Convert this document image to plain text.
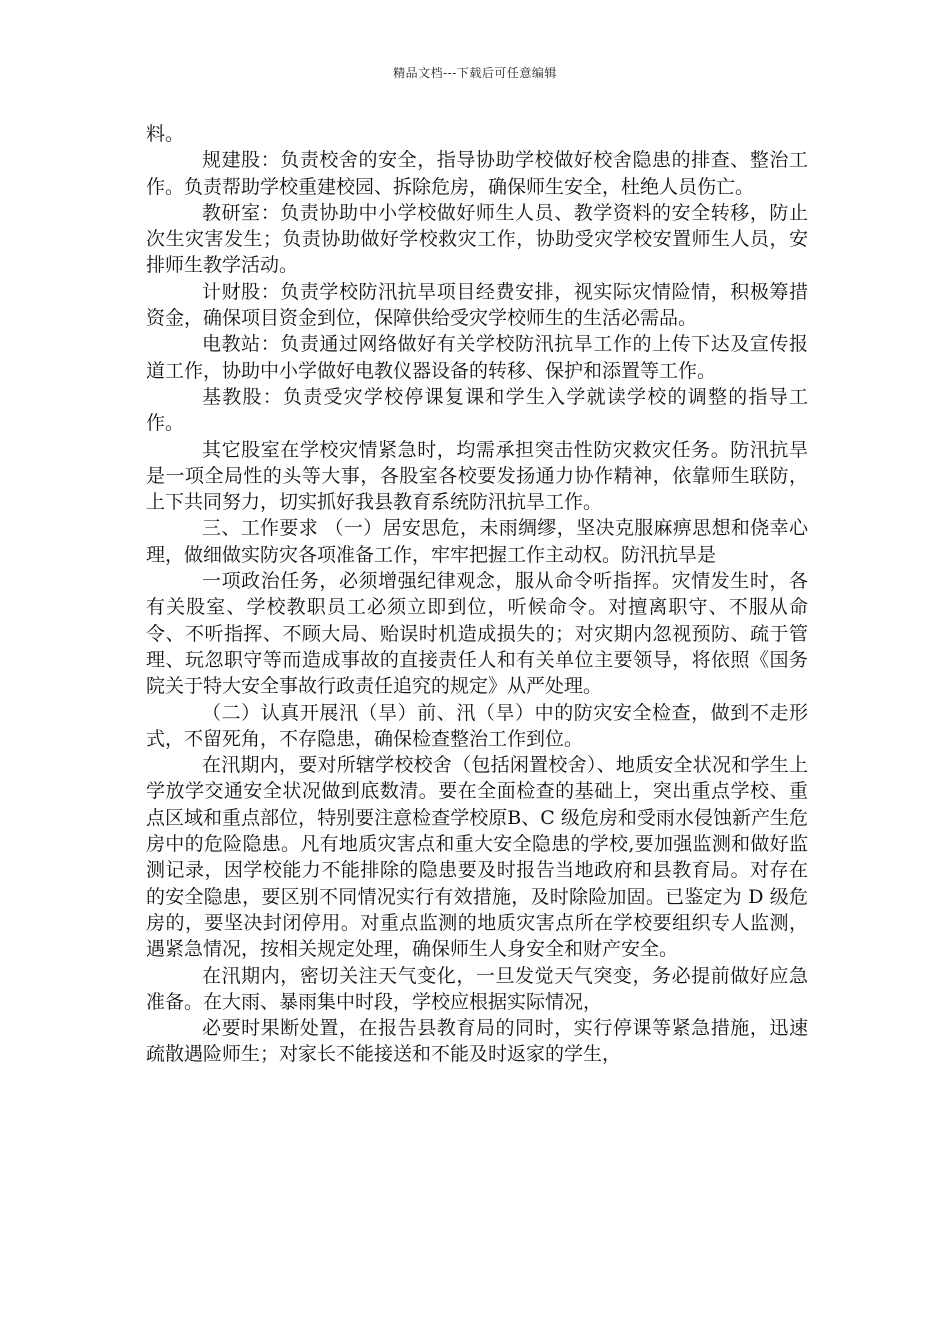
精品文档---下载后可任意编辑

料。

规建股：负责校舍的安全，指导协助学校做好校舍隐患的排查、整治工作。负责帮助学校重建校园、拆除危房，确保师生安全，杜绝人员伤亡。

教研室：负责协助中小学校做好师生人员、教学资料的安全转移，防止次生灾害发生；负责协助做好学校救灾工作，协助受灾学校安置师生人员，安排师生教学活动。

计财股：负责学校防汛抗旱项目经费安排，视实际灾情险情，积极筹措资金，确保项目资金到位，保障供给受灾学校师生的生活必需品。

电教站：负责通过网络做好有关学校防汛抗旱工作的上传下达及宣传报道工作，协助中小学做好电教仪器设备的转移、保护和添置等工作。

基教股：负责受灾学校停课复课和学生入学就读学校的调整的指导工作。

其它股室在学校灾情紧急时，均需承担突击性防灾救灾任务。防汛抗旱是一项全局性的头等大事，各股室各校要发扬通力协作精神，依靠师生联防，上下共同努力，切实抓好我县教育系统防汛抗旱工作。

三、工作要求 （一）居安思危，未雨绸缪，坚决克服麻痹思想和侥幸心理，做细做实防灾各项准备工作，牢牢把握工作主动权。防汛抗旱是

一项政治任务，必须增强纪律观念，服从命令听指挥。灾情发生时，各有关股室、学校教职员工必须立即到位，听候命令。对擅离职守、不服从命令、不听指挥、不顾大局、贻误时机造成损失的；对灾期内忽视预防、疏于管理、玩忽职守等而造成事故的直接责任人和有关单位主要领导，将依照《国务院关于特大安全事故行政责任追究的规定》从严处理。

（二）认真开展汛（旱）前、汛（旱）中的防灾安全检查，做到不走形式，不留死角，不存隐患，确保检查整治工作到位。

在汛期内，要对所辖学校校舍（包括闲置校舍）、地质安全状况和学生上学放学交通安全状况做到底数清。要在全面检查的基础上，突出重点学校、重点区域和重点部位，特别要注意检查学校原B、C 级危房和受雨水侵蚀新产生危房中的危险隐患。凡有地质灾害点和重大安全隐患的学校,要加强监测和做好监测记录，因学校能力不能排除的隐患要及时报告当地政府和县教育局。对存在的安全隐患，要区别不同情况实行有效措施，及时除险加固。已鉴定为 D 级危房的，要坚决封闭停用。对重点监测的地质灾害点所在学校要组织专人监测，遇紧急情况，按相关规定处理，确保师生人身安全和财产安全。

在汛期内，密切关注天气变化，一旦发觉天气突变，务必提前做好应急准备。在大雨、暴雨集中时段，学校应根据实际情况，

必要时果断处置，在报告县教育局的同时，实行停课等紧急措施，迅速疏散遇险师生；对家长不能接送和不能及时返家的学生，
